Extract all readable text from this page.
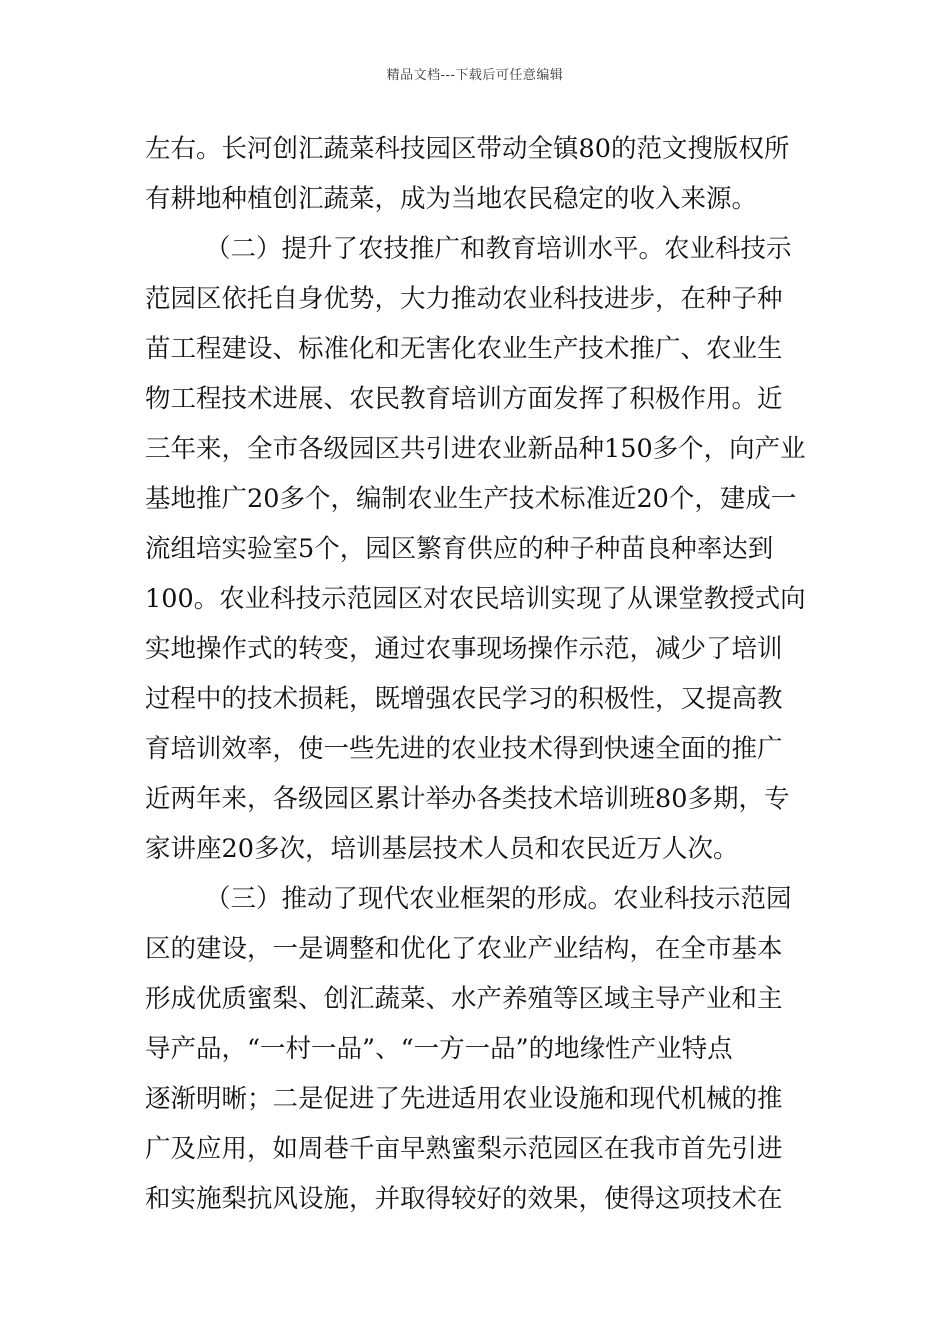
精品文档---下载后可任意编辑
左右。长河创汇蔬菜科技园区带动全镇80的范文搜版权所
有耕地种植创汇蔬菜，成为当地农民稳定的收入来源。
（二）提升了农技推广和教育培训水平。农业科技示
范园区依托自身优势，大力推动农业科技进步，在种子种
苗工程建设、标准化和无害化农业生产技术推广、农业生
物工程技术进展、农民教育培训方面发挥了积极作用。近
三年来，全市各级园区共引进农业新品种150多个，向产业
基地推广20多个，编制农业生产技术标准近20个，建成一
流组培实验室5个，园区繁育供应的种子种苗良种率达到
100。农业科技示范园区对农民培训实现了从课堂教授式向
实地操作式的转变，通过农事现场操作示范，减少了培训
过程中的技术损耗，既增强农民学习的积极性，又提高教
育培训效率，使一些先进的农业技术得到快速全面的推广
近两年来，各级园区累计举办各类技术培训班80多期，专
家讲座20多次，培训基层技术人员和农民近万人次。
（三）推动了现代农业框架的形成。农业科技示范园
区的建设，一是调整和优化了农业产业结构，在全市基本
形成优质蜜梨、创汇蔬菜、水产养殖等区域主导产业和主
导产品，“一村一品”、“一方一品”的地缘性产业特点
逐渐明晰；二是促进了先进适用农业设施和现代机械的推
广及应用，如周巷千亩早熟蜜梨示范园区在我市首先引进
和实施梨抗风设施，并取得较好的效果，使得这项技术在
